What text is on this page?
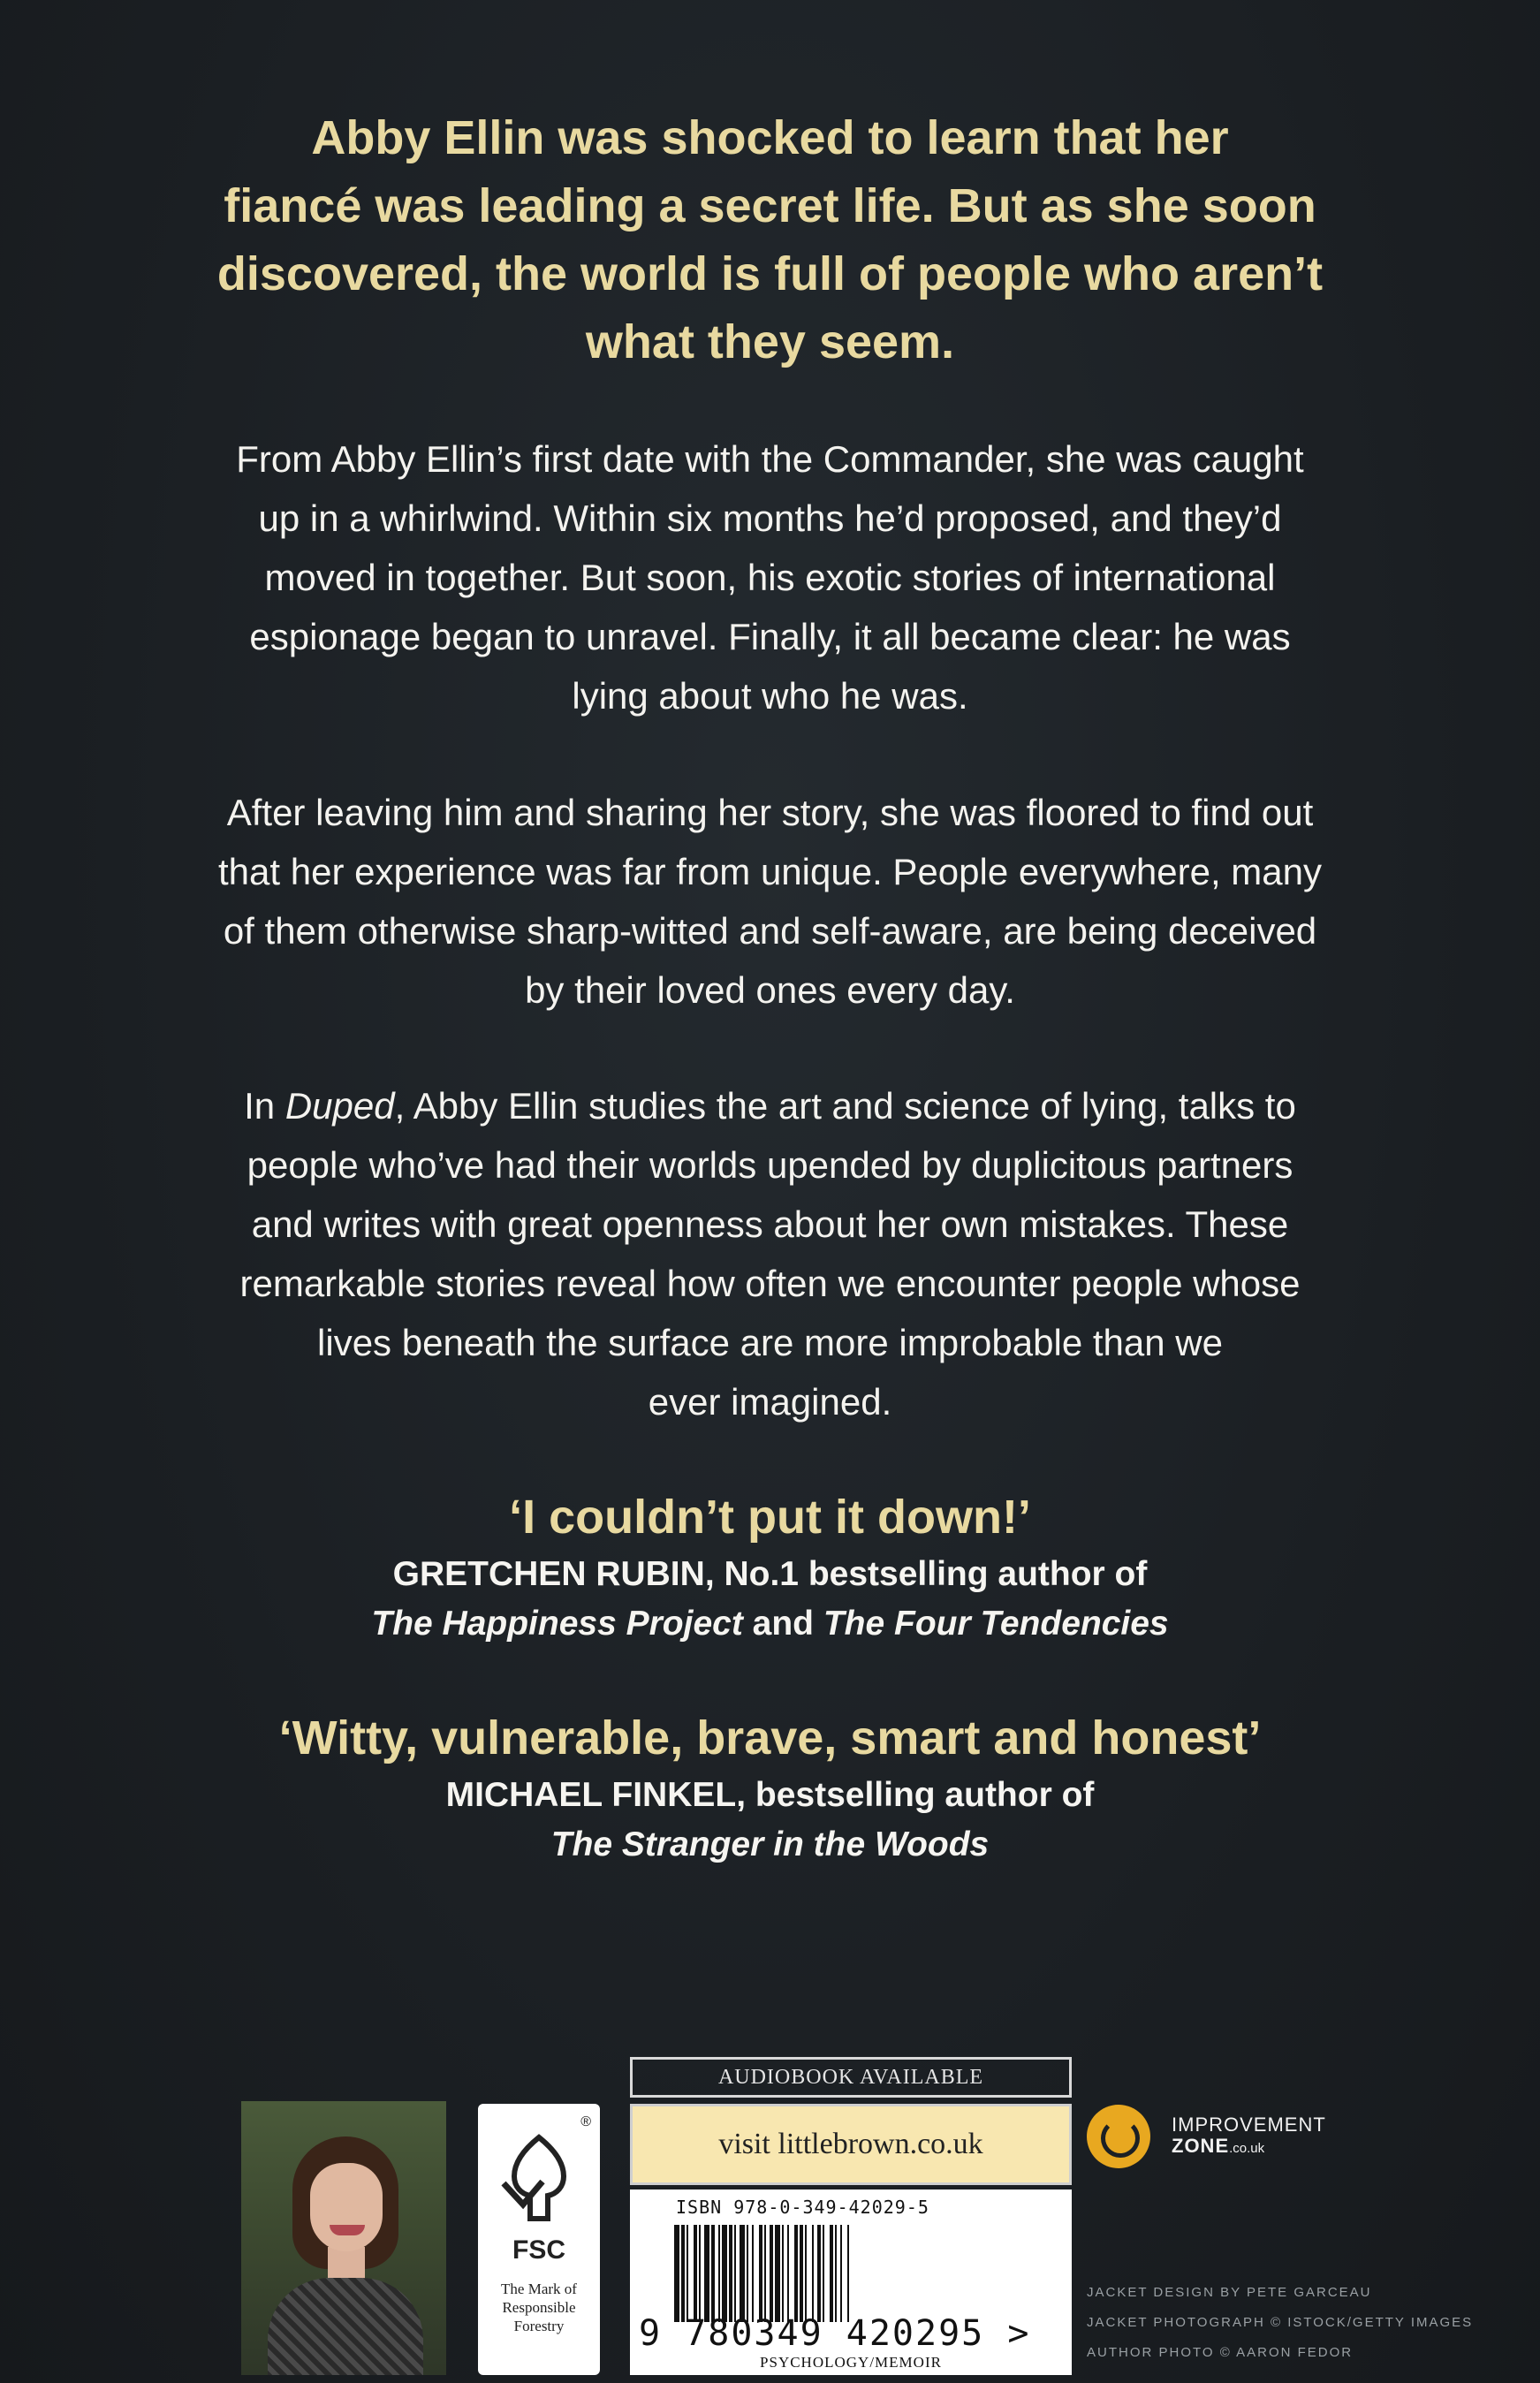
Abby Ellin was shocked to learn that her
fiancé was leading a secret life. But as she soon
discovered, the world is full of people who aren’t
what they seem.
From Abby Ellin’s first date with the Commander, she was caught
up in a whirlwind. Within six months he’d proposed, and they’d
moved in together. But soon, his exotic stories of international
espionage began to unravel. Finally, it all became clear: he was
lying about who he was.
After leaving him and sharing her story, she was floored to find out
that her experience was far from unique. People everywhere, many
of them otherwise sharp-witted and self-aware, are being deceived
by their loved ones every day.
In Duped, Abby Ellin studies the art and science of lying, talks to
people who’ve had their worlds upended by duplicitous partners
and writes with great openness about her own mistakes. These
remarkable stories reveal how often we encounter people whose
lives beneath the surface are more improbable than we
ever imagined.
‘I couldn’t put it down!’
GRETCHEN RUBIN, No.1 bestselling author of
The Happiness Project and The Four Tendencies
‘Witty, vulnerable, brave, smart and honest’
MICHAEL FINKEL, bestselling author of
The Stranger in the Woods
®
FSC
The Mark of Responsible Forestry
AUDIOBOOK AVAILABLE
visit littlebrown.co.uk
ISBN 978-0-349-42029-5
9 780349 420295 >
PSYCHOLOGY/MEMOIR
IMPROVEMENT
ZONE.co.uk
JACKET DESIGN BY PETE GARCEAU
JACKET PHOTOGRAPH © ISTOCK/GETTY IMAGES
AUTHOR PHOTO © AARON FEDOR
